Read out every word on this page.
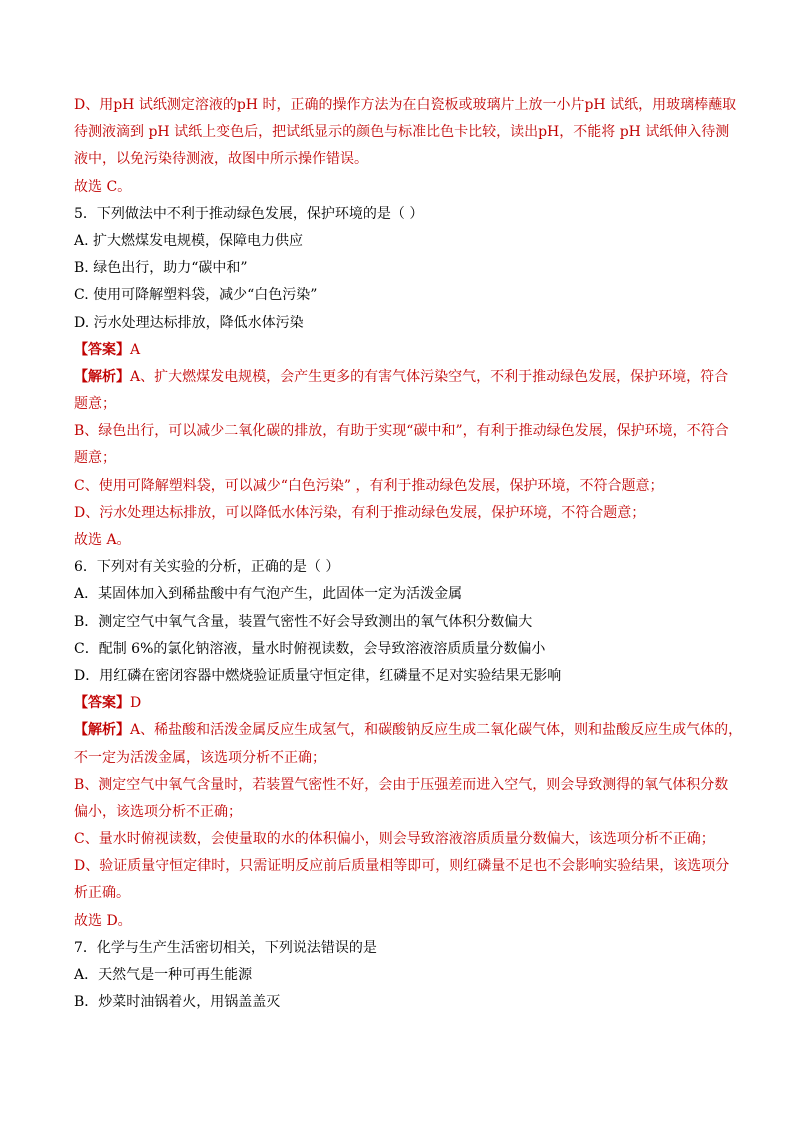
D、用pH 试纸测定溶液的pH 时，正确的操作方法为在白瓷板或玻璃片上放一小片pH 试纸，用玻璃棒蘸取
待测液滴到 pH 试纸上变色后，把试纸显示的颜色与标准比色卡比较，读出pH，不能将 pH 试纸伸入待测
液中，以免污染待测液，故图中所示操作错误。
故选 C。
5．下列做法中不利于推动绿色发展，保护环境的是（ ）
A. 扩大燃煤发电规模，保障电力供应
B. 绿色出行，助力“碳中和”
C. 使用可降解塑料袋，减少“白色污染”
D. 污水处理达标排放，降低水体污染
【答案】A
【解析】A、扩大燃煤发电规模，会产生更多的有害气体污染空气，不利于推动绿色发展，保护环境，符合
题意；
B、绿色出行，可以减少二氧化碳的排放，有助于实现“碳中和”，有利于推动绿色发展，保护环境，不符合
题意；
C、使用可降解塑料袋，可以减少“白色污染” ，有利于推动绿色发展，保护环境，不符合题意；
D、污水处理达标排放，可以降低水体污染，有利于推动绿色发展，保护环境，不符合题意；
故选 A。
6．下列对有关实验的分析，正确的是（ ）
A．某固体加入到稀盐酸中有气泡产生，此固体一定为活泼金属
B．测定空气中氧气含量，装置气密性不好会导致测出的氧气体积分数偏大
C．配制 6%的氯化钠溶液，量水时俯视读数，会导致溶液溶质质量分数偏小
D．用红磷在密闭容器中燃烧验证质量守恒定律，红磷量不足对实验结果无影响
【答案】D
【解析】A、稀盐酸和活泼金属反应生成氢气，和碳酸钠反应生成二氧化碳气体，则和盐酸反应生成气体的，
不一定为活泼金属，该选项分析不正确；
B、测定空气中氧气含量时，若装置气密性不好，会由于压强差而进入空气，则会导致测得的氧气体积分数
偏小，该选项分析不正确；
C、量水时俯视读数，会使量取的水的体积偏小，则会导致溶液溶质质量分数偏大，该选项分析不正确；
D、验证质量守恒定律时，只需证明反应前后质量相等即可，则红磷量不足也不会影响实验结果，该选项分
析正确。
故选 D。
7．化学与生产生活密切相关，下列说法错误的是
A．天然气是一种可再生能源
B．炒菜时油锅着火，用锅盖盖灭
